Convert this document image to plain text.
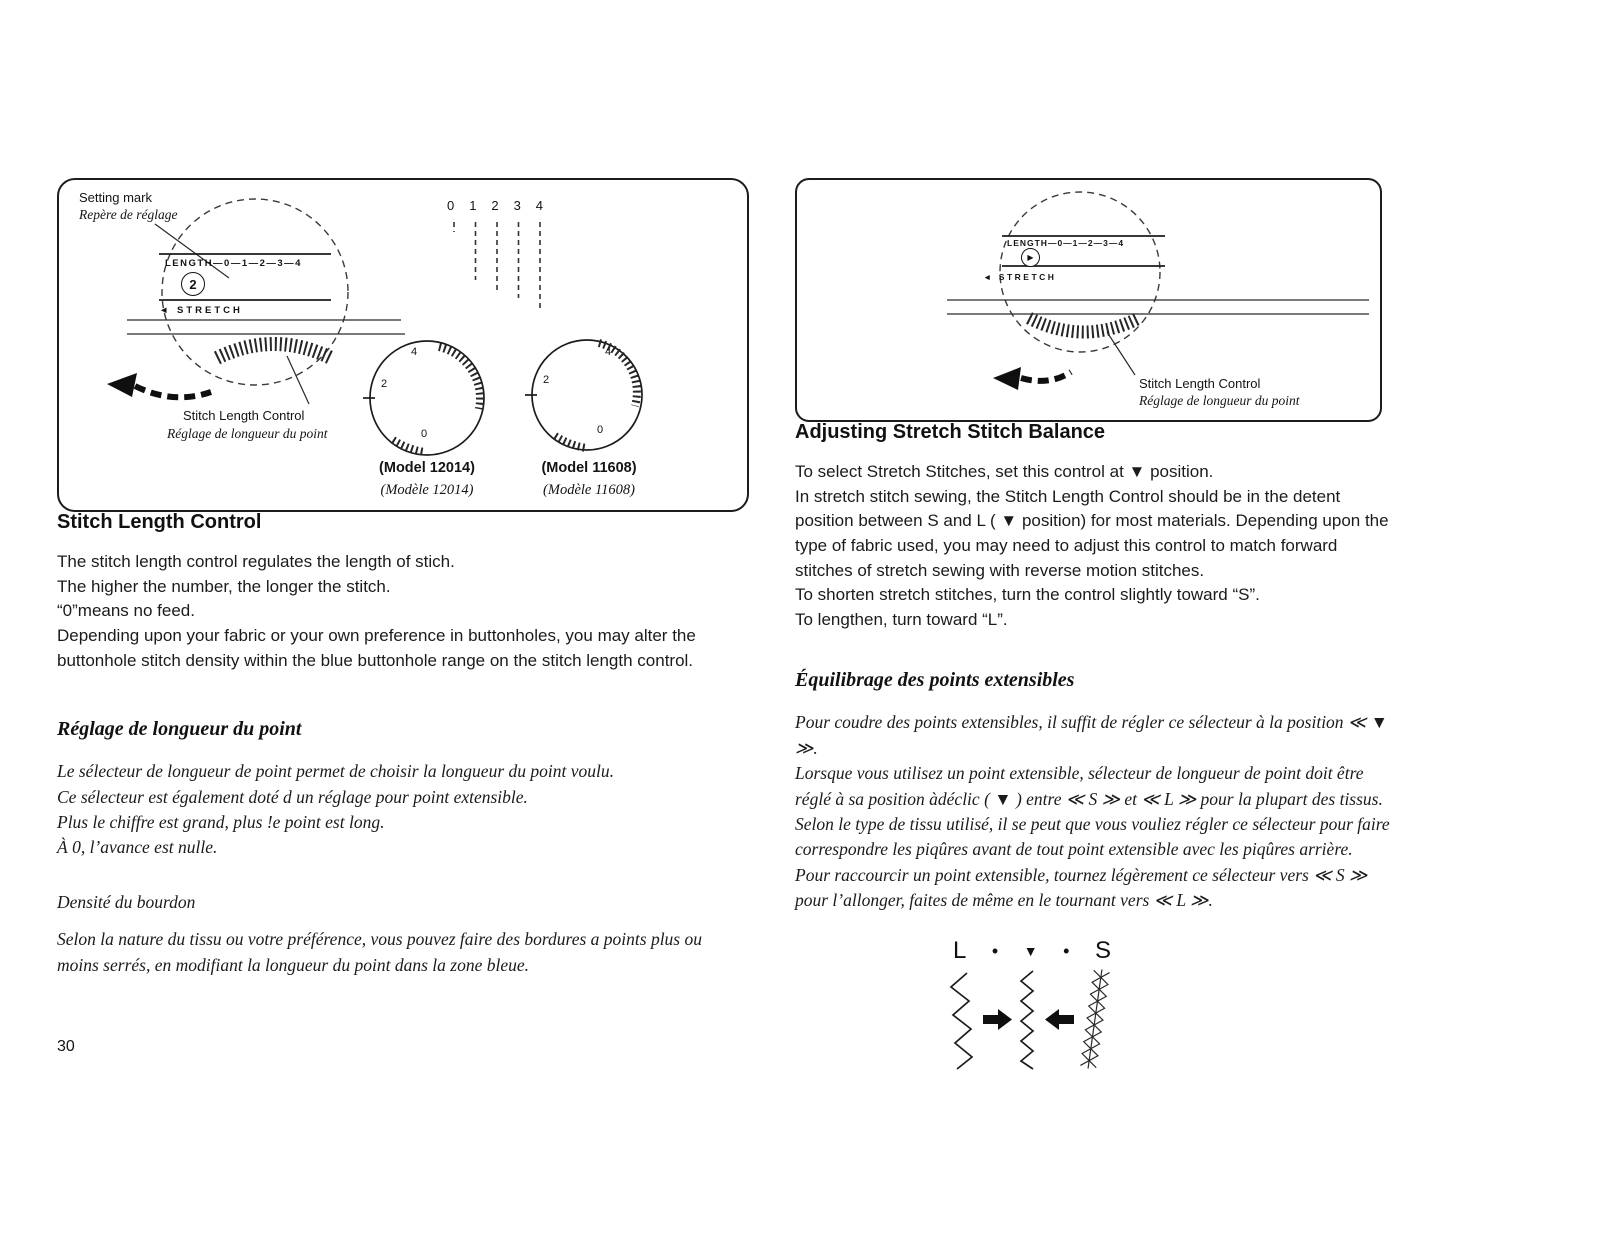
Setting mark
Repère de réglage
LENGTH—0—1—2—3—4
2
◄ STRETCH
0 1 2 3 4
Stitch Length Control
Réglage de longueur du point
4
2
0
4
2
0
(Model 12014)
(Modèle 12014)
(Model 11608)
(Modèle 11608)
Stitch Length Control

The stitch length control regulates the length of stich.

The higher the number, the longer the stitch.

“0”means no feed.

Depending upon your fabric or your own preference in buttonholes, you may alter the buttonhole stitch density within the blue buttonhole range on the stitch length control.

Réglage de longueur du point

Le sélecteur de longueur de point permet de choisir la longueur du point voulu.

Ce sélecteur est également doté d un réglage pour point extensible.

Plus le chiffre est grand, plus !e point est long.

À 0, l’avance est nulle.

Densité du bourdon

Selon la nature du tissu ou votre préférence, vous pouvez faire des bordures a points plus ou moins serrés, en modifiant la longueur du point dans la zone bleue.

30
LENGTH—0—1—2—3—4
▶
◄ STRETCH
Stitch Length Control
Réglage de longueur du point
Adjusting Stretch Stitch Balance

To select Stretch Stitches, set this control at ▼ position.

In stretch stitch sewing, the Stitch Length Control should be in the detent position between S and L ( ▼ position) for most materials. Depending upon the type of fabric used, you may need to adjust this control to match forward stitches of stretch sewing with reverse motion stitches.

To shorten stretch stitches, turn the control slightly toward “S”.

To lengthen, turn toward “L”.

Équilibrage des points extensibles

Pour coudre des points extensibles, il suffit de régler ce sélecteur à la position ≪ ▼ ≫.

Lorsque vous utilisez un point extensible, sélecteur de longueur de point doit être réglé à sa position àdéclic ( ▼ ) entre ≪ S ≫ et ≪ L ≫ pour la plupart des tissus. Selon le type de tissu utilisé, il se peut que vous vouliez régler ce sélecteur pour faire correspondre les piqûres avant de tout point extensible avec les piqûres arrière.

Pour raccourcir un point extensible, tournez légèrement ce sélecteur vers ≪ S ≫ pour l’allonger, faites de même en le tournant vers ≪ L ≫.

L • ▼ • S
